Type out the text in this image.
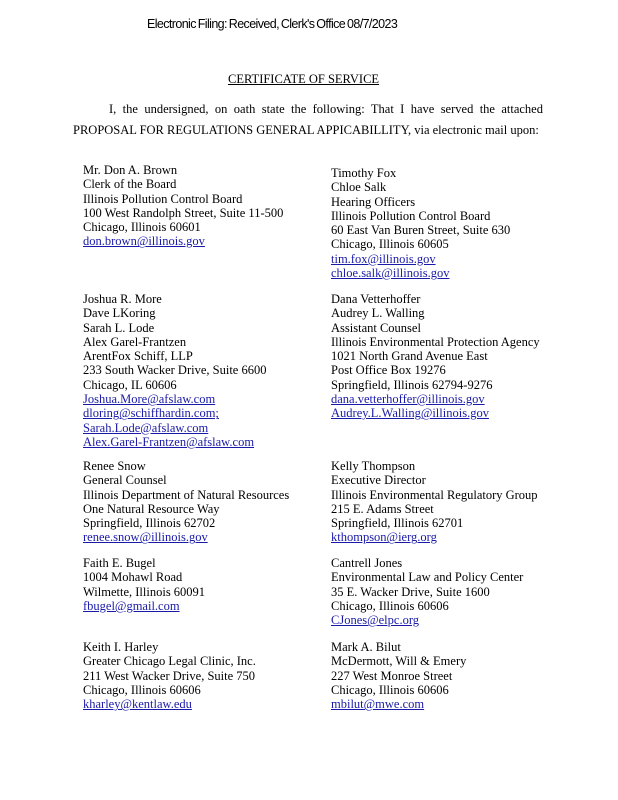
Electronic Filing: Received, Clerk's Office 08/7/2023
CERTIFICATE OF SERVICE
I, the undersigned, on oath state the following: That I have served the attached PROPOSAL FOR REGULATIONS GENERAL APPICABILLITY, via electronic mail upon:
Mr. Don A. Brown
Clerk of the Board
Illinois Pollution Control Board
100 West Randolph Street, Suite 11-500
Chicago, Illinois 60601
don.brown@illinois.gov
Joshua R. More
Dave LKoring
Sarah L. Lode
Alex Garel-Frantzen
ArentFox Schiff, LLP
233 South Wacker Drive, Suite 6600
Chicago, IL 60606
Joshua.More@afslaw.com
dloring@schiffhardin.com;
Sarah.Lode@afslaw.com
Alex.Garel-Frantzen@afslaw.com
Renee Snow
General Counsel
Illinois Department of Natural Resources
One Natural Resource Way
Springfield, Illinois 62702
renee.snow@illinois.gov
Faith E. Bugel
1004 Mohawl Road
Wilmette, Illinois 60091
fbugel@gmail.com
Keith I. Harley
Greater Chicago Legal Clinic, Inc.
211 West Wacker Drive, Suite 750
Chicago, Illinois 60606
kharley@kentlaw.edu
Timothy Fox
Chloe Salk
Hearing Officers
Illinois Pollution Control Board
60 East Van Buren Street, Suite 630
Chicago, Illinois 60605
tim.fox@illinois.gov
chloe.salk@illinois.gov
Dana Vetterhoffer
Audrey L. Walling
Assistant Counsel
Illinois Environmental Protection Agency
1021 North Grand Avenue East
Post Office Box 19276
Springfield, Illinois 62794-9276
dana.vetterhoffer@illinois.gov
Audrey.L.Walling@illinois.gov
Kelly Thompson
Executive Director
Illinois Environmental Regulatory Group
215 E. Adams Street
Springfield, Illinois 62701
kthompson@ierg.org
Cantrell Jones
Environmental Law and Policy Center
35 E. Wacker Drive, Suite 1600
Chicago, Illinois 60606
CJones@elpc.org
Mark A. Bilut
McDermott, Will & Emery
227 West Monroe Street
Chicago, Illinois 60606
mbilut@mwe.com
